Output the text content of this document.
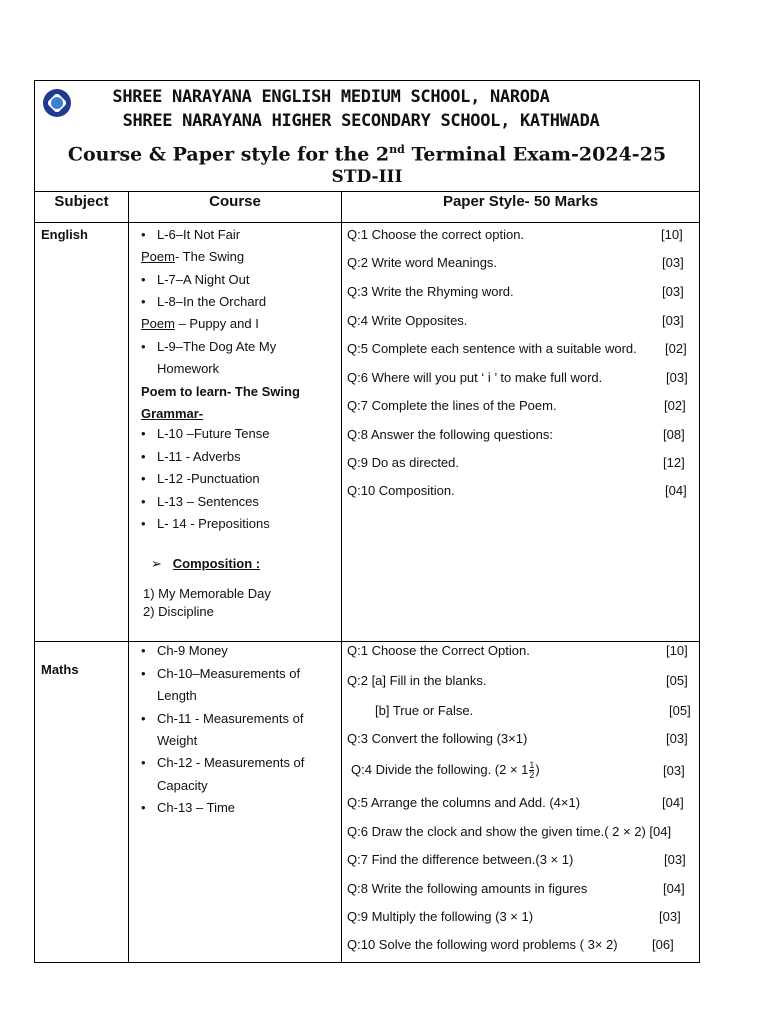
SHREE NARAYANA ENGLISH MEDIUM SCHOOL, NARODA
SHREE NARAYANA HIGHER SECONDARY SCHOOL, KATHWADA
Course & Paper style for the 2nd Terminal Exam-2024-25
STD-III
Subject	Course	Paper Style- 50 Marks
English
•	L-6–It Not Fair
Poem- The Swing
• L-7–A Night Out
• L-8–In the Orchard
Poem – Puppy and I
• L-9–The Dog Ate My
Homework
Poem to learn- The Swing
Grammar-
• L-10 –Future Tense
• L-11 - Adverbs
• L-12 -Punctuation
• L-13 – Sentences
• L- 14 - Prepositions
➢ Composition :
1) My Memorable Day
2) Discipline
Q:1 Choose the correct option.	[10]
Q:2 Write word Meanings.	[03]
Q:3 Write the Rhyming word.	[03]
Q:4 Write Opposites.	[03]
Q:5 Complete each sentence with a suitable word. [02]
Q:6 Where will you put ‘ i ’ to make full word.	[03]
Q:7 Complete the lines of the Poem.	[02]
Q:8 Answer the following questions:	[08]
Q:9 Do as directed.	[12]
Q:10 Composition.	[04]
Maths
• Ch-9 Money
• Ch-10–Measurements of
Length
• Ch-11 - Measurements of
Weight
• Ch-12 - Measurements of
Capacity
• Ch-13 – Time
Q:1 Choose the Correct Option.	[10]
Q:2 [a] Fill in the blanks.	[05]
[b] True or False.	[05]
Q:3 Convert the following (3×1)	[03]
Q:4 Divide the following. ($2 \times 1 \frac{1}{2}$ )	[03]
Q:5 Arrange the columns and Add. (4×1)	[04]
Q:6 Draw the clock and show the given time.( 2 × 2) [04]
Q:7 Find the difference between.(3 × 1)	[03]
Q:8 Write the following amounts in figures	[04]
Q:9 Multiply the following (3 × 1)	[03]
Q:10 Solve the following word problems ( 3× 2)	[06]
